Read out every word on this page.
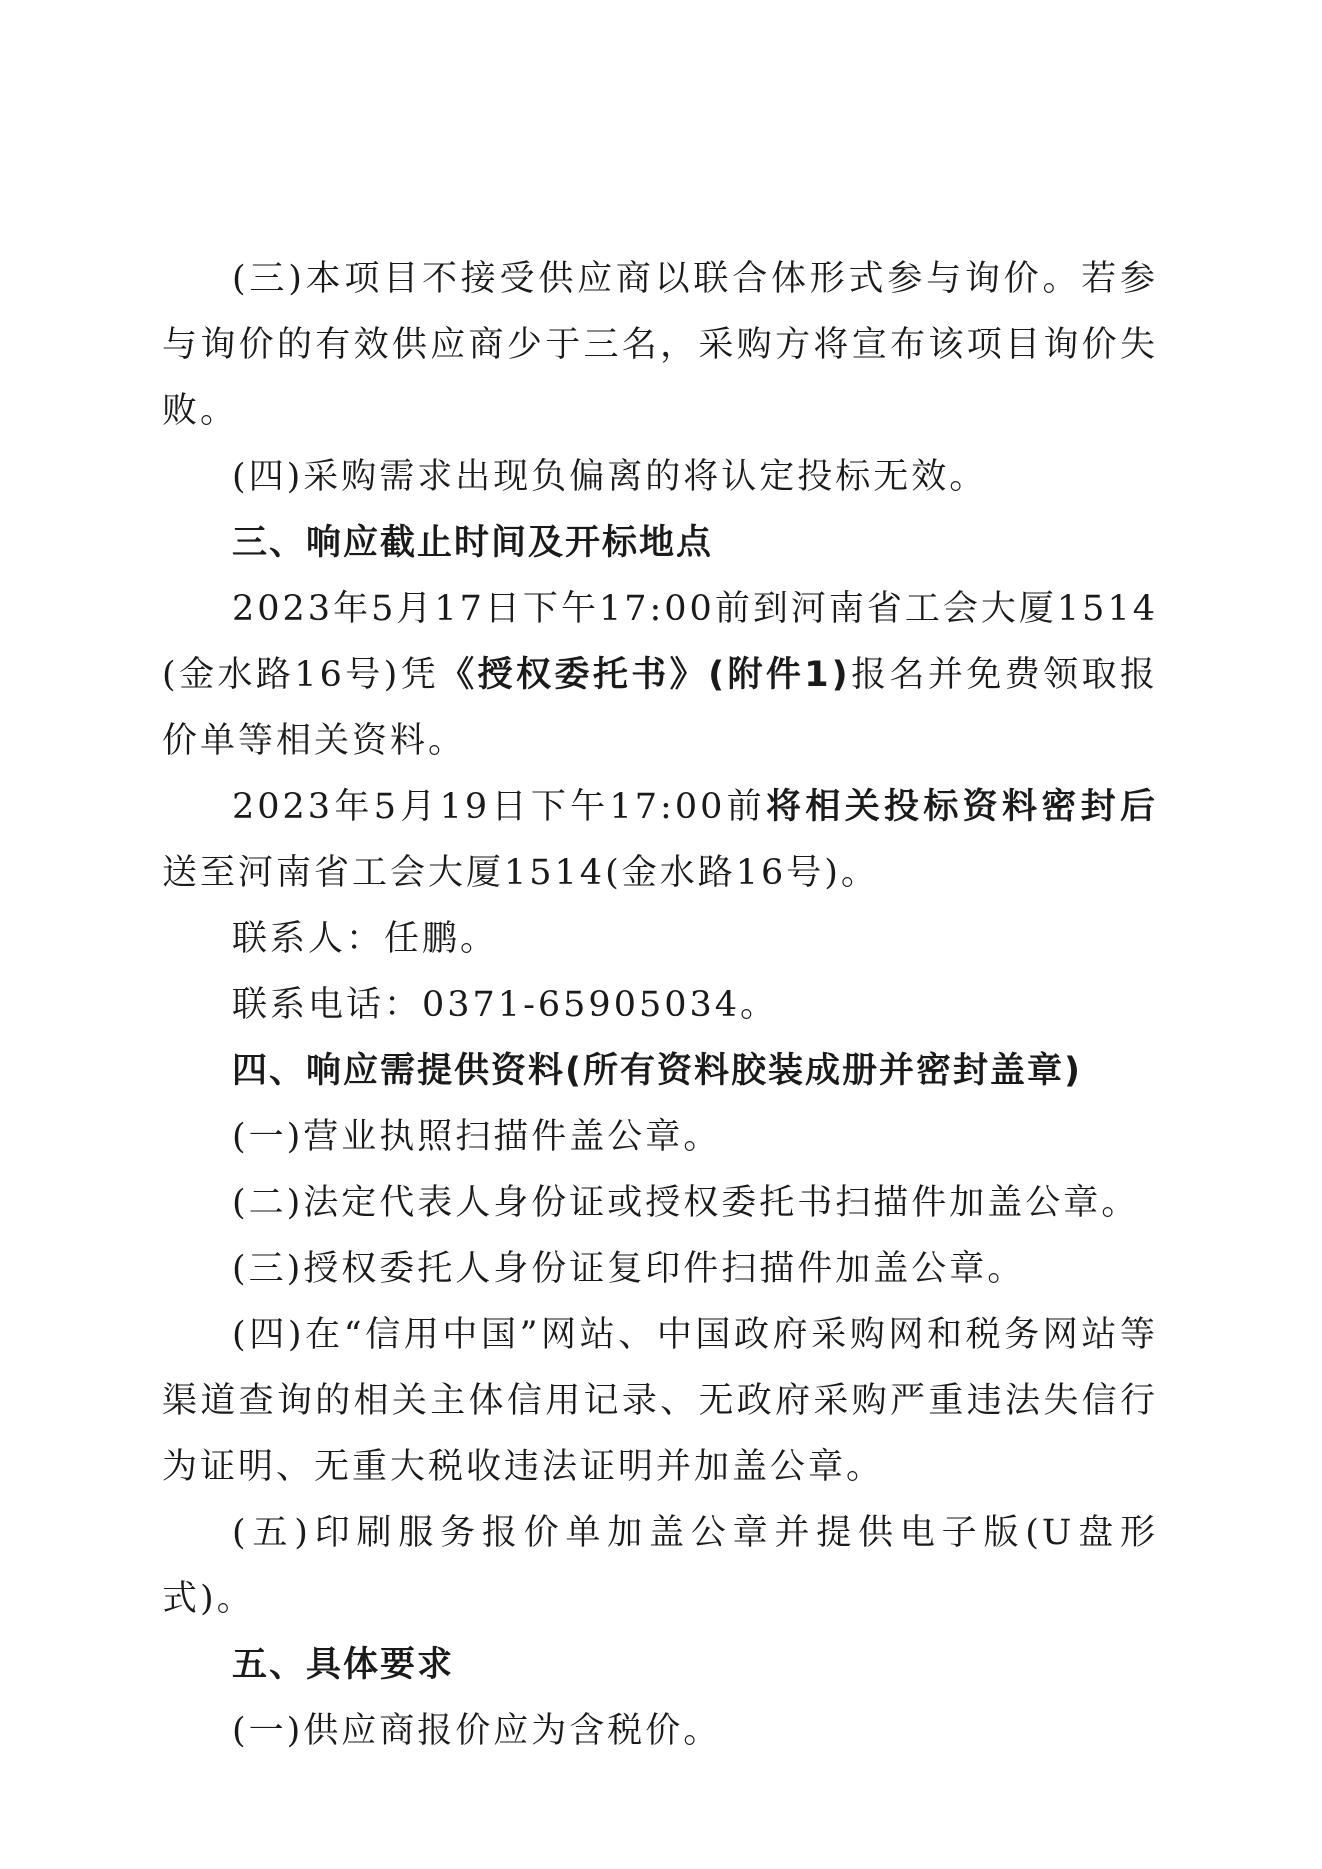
(三)本项目不接受供应商以联合体形式参与询价。若参与询价的有效供应商少于三名，采购方将宣布该项目询价失败。

(四)采购需求出现负偏离的将认定投标无效。

三、响应截止时间及开标地点

2023年5月17日下午17:00前到河南省工会大厦1514(金水路16号)凭《授权委托书》(附件1)报名并免费领取报价单等相关资料。

2023年5月19日下午17:00前将相关投标资料密封后送至河南省工会大厦1514(金水路16号)。

联系人：任鹏。

联系电话：0371-65905034。

四、响应需提供资料(所有资料胶装成册并密封盖章)

(一)营业执照扫描件盖公章。

(二)法定代表人身份证或授权委托书扫描件加盖公章。

(三)授权委托人身份证复印件扫描件加盖公章。

(四)在“信用中国”网站、中国政府采购网和税务网站等渠道查询的相关主体信用记录、无政府采购严重违法失信行为证明、无重大税收违法证明并加盖公章。

(五)印刷服务报价单加盖公章并提供电子版(U盘形式)。

五、具体要求

(一)供应商报价应为含税价。
